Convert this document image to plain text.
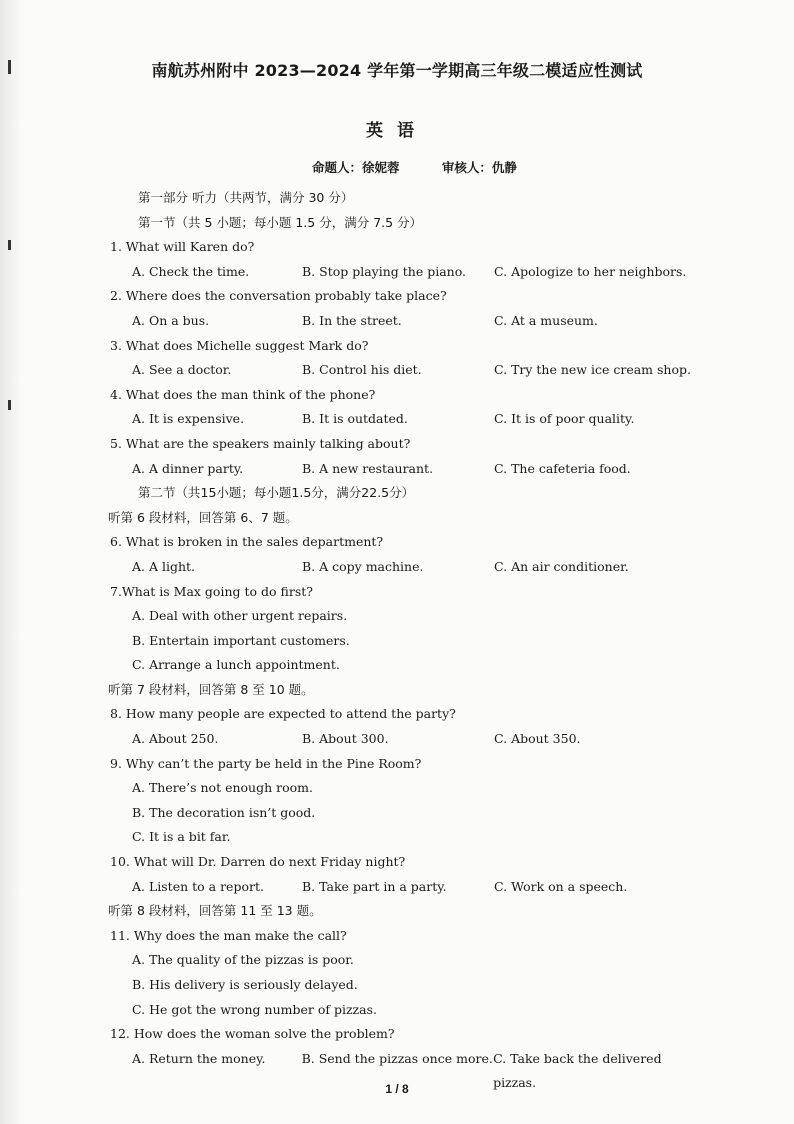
南航苏州附中 2023—2024 学年第一学期高三年级二模适应性测试
英语
命题人：徐妮蓉	审核人：仇静
第一部分 听力（共两节，满分 30 分）
第一节（共 5 小题；每小题 1.5 分，满分 7.5 分）
1. What will Karen do?
A. Check the time.	B. Stop playing the piano.	C. Apologize to her neighbors.
2. Where does the conversation probably take place?
A. On a bus.	B. In the street.	C. At a museum.
3. What does Michelle suggest Mark do?
A. See a doctor.	B. Control his diet.	C. Try the new ice cream shop.
4. What does the man think of the phone?
A. It is expensive.	B. It is outdated.	C. It is of poor quality.
5. What are the speakers mainly talking about?
A. A dinner party.	B. A new restaurant.	C. The cafeteria food.
第二节（共15小题；每小题1.5分，满分22.5分）
听第 6 段材料，回答第 6、7 题。
6. What is broken in the sales department?
A. A light.	B. A copy machine.	C. An air conditioner.
7.What is Max going to do first?
A. Deal with other urgent repairs.
B. Entertain important customers.
C. Arrange a lunch appointment.
听第 7 段材料，回答第 8 至 10 题。
8. How many people are expected to attend the party?
A. About 250.	B. About 300.	C. About 350.
9. Why can’t the party be held in the Pine Room?
A. There’s not enough room.
B. The decoration isn’t good.
C. It is a bit far.
10. What will Dr. Darren do next Friday night?
A. Listen to a report.	B. Take part in a party.	C. Work on a speech.
听第 8 段材料，回答第 11 至 13 题。
11. Why does the man make the call?
A. The quality of the pizzas is poor.
B. His delivery is seriously delayed.
C. He got the wrong number of pizzas.
12. How does the woman solve the problem?
A. Return the money.	B. Send the pizzas once more. C. Take back the delivered pizzas.
1 / 8
